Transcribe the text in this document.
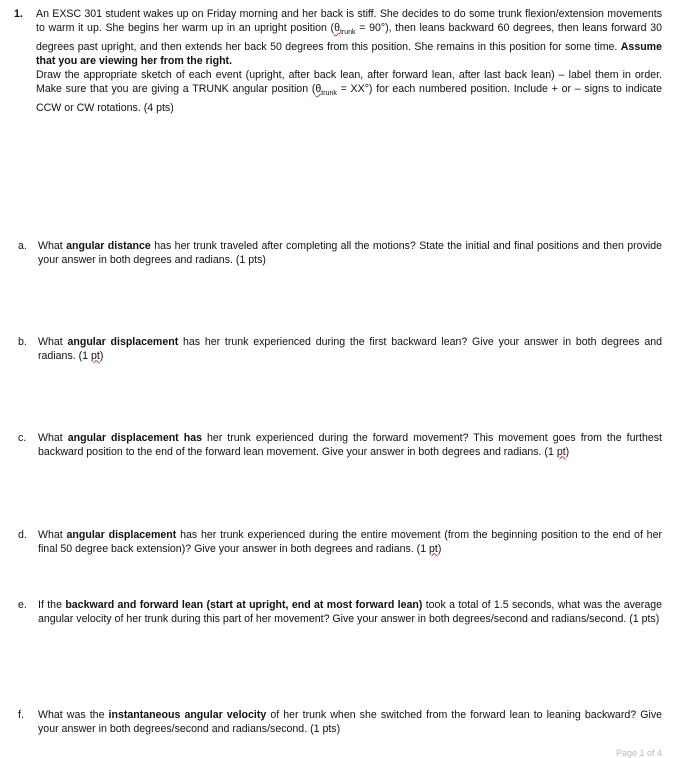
1. An EXSC 301 student wakes up on Friday morning and her back is stiff. She decides to do some trunk flexion/extension movements to warm it up. She begins her warm up in an upright position $(\theta_{trunk} = 90^\circ)$, then leans backward 60 degrees, then leans forward 30 degrees past upright, and then extends her back 50 degrees from this position. She remains in this position for some time. Assume that you are viewing her from the right.

Draw the appropriate sketch of each event (upright, after back lean, after forward lean, after last back lean) – label them in order. Make sure that you are giving a TRUNK angular position $(\theta_{trunk} = XX^\circ)$ for each numbered position. Include + or – signs to indicate CCW or CW rotations. (4 pts)

a. What angular distance has her trunk traveled after completing all the motions? State the initial and final positions and then provide your answer in both degrees and radians. (1 pts)

b. What angular displacement has her trunk experienced during the first backward lean? Give your answer in both degrees and radians. (1 pt)

c. What angular displacement has her trunk experienced during the forward movement? This movement goes from the furthest backward position to the end of the forward lean movement. Give your answer in both degrees and radians. (1 pt)

d. What angular displacement has her trunk experienced during the entire movement (from the beginning position to the end of her final 50 degree back extension)? Give your answer in both degrees and radians. (1 pt)

e. If the backward and forward lean (start at upright, end at most forward lean) took a total of 1.5 seconds, what was the average angular velocity of her trunk during this part of her movement? Give your answer in both degrees/second and radians/second. (1 pts)

f. What was the instantaneous angular velocity of her trunk when she switched from the forward lean to leaning backward? Give your answer in both degrees/second and radians/second. (1 pts)

Page 1 of 4
